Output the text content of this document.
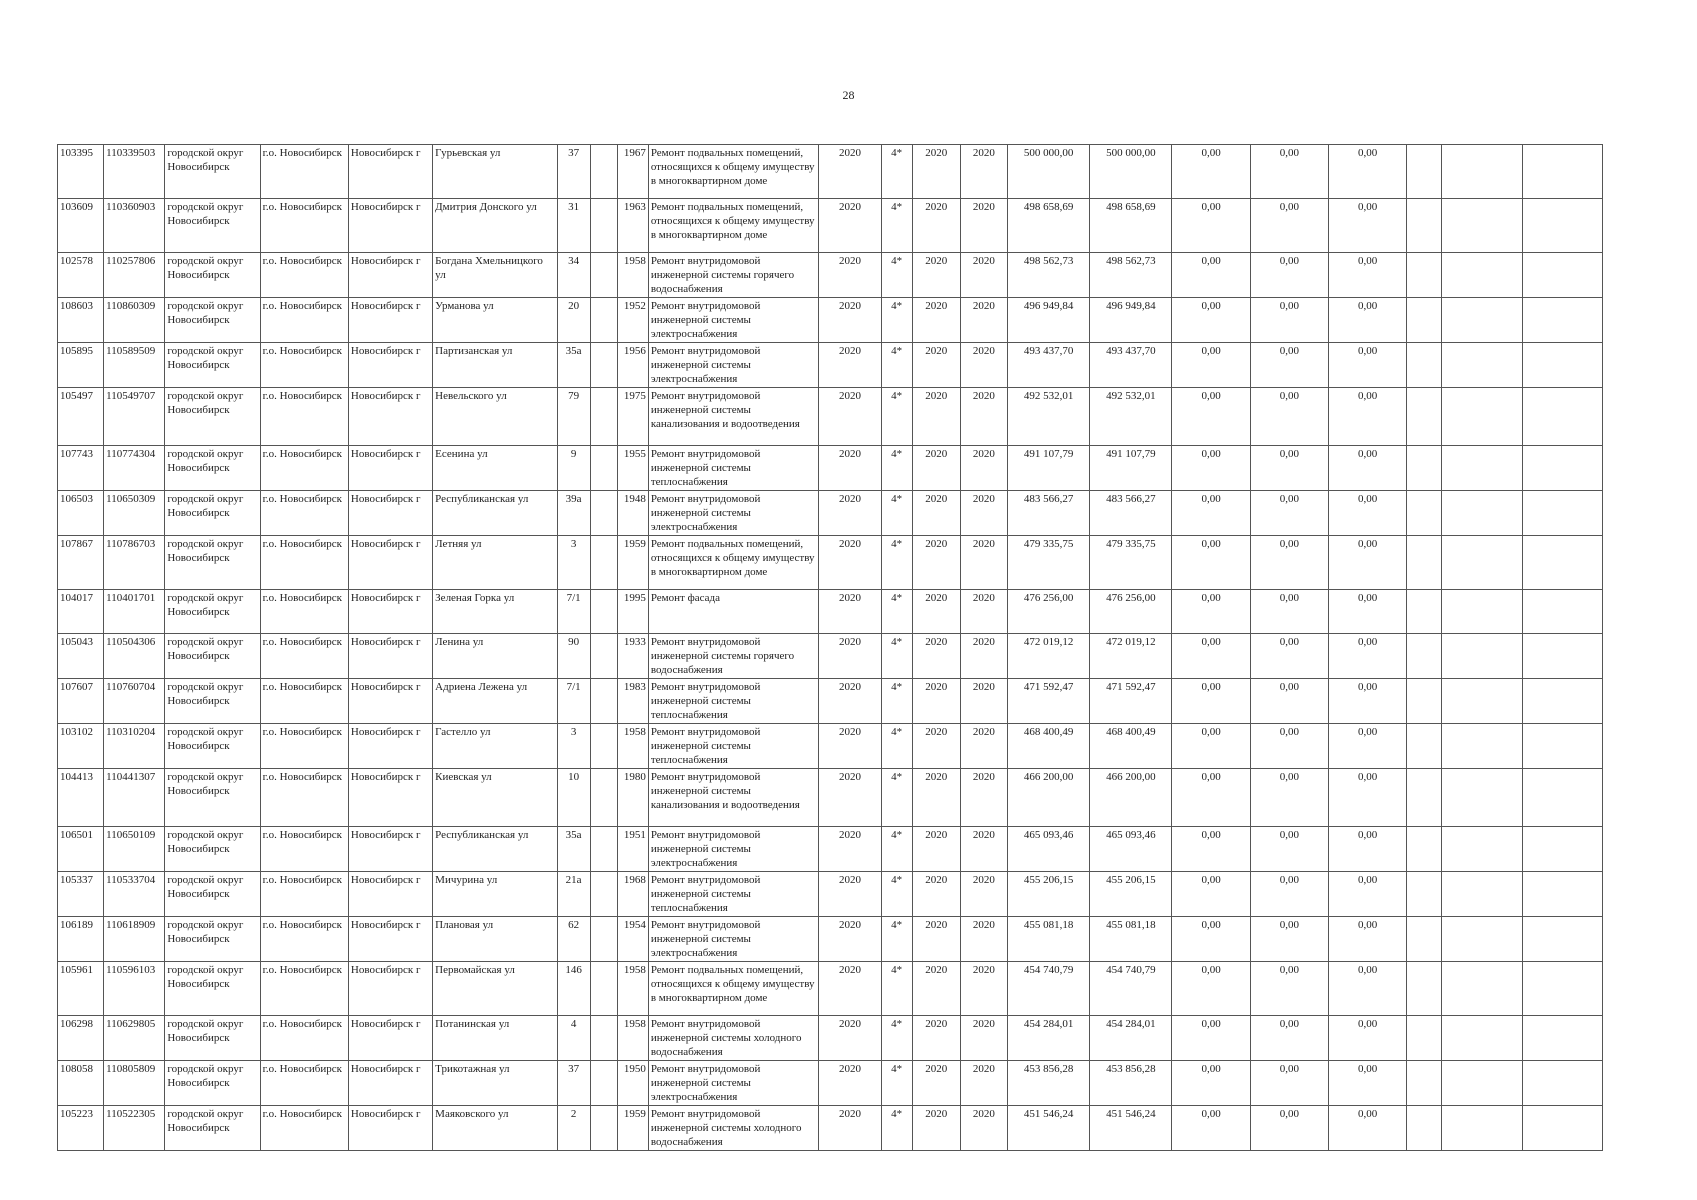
28
103395	110339503	городской округ Новосибирск	г.о. Новосибирск	Новосибирск г	Гурьевская ул	37		1967	Ремонт подвальных помещений, относящихся к общему имуществу в многоквартирном доме	2020	4*	2020	2020	500 000,00	500 000,00	0,00	0,00	0,00			
103609	110360903	городской округ Новосибирск	г.о. Новосибирск	Новосибирск г	Дмитрия Донского ул	31		1963	Ремонт подвальных помещений, относящихся к общему имуществу в многоквартирном доме	2020	4*	2020	2020	498 658,69	498 658,69	0,00	0,00	0,00			
102578	110257806	городской округ Новосибирск	г.о. Новосибирск	Новосибирск г	Богдана Хмельницкого ул	34		1958	Ремонт внутридомовой инженерной системы горячего водоснабжения	2020	4*	2020	2020	498 562,73	498 562,73	0,00	0,00	0,00			
108603	110860309	городской округ Новосибирск	г.о. Новосибирск	Новосибирск г	Урманова ул	20		1952	Ремонт внутридомовой инженерной системы электроснабжения	2020	4*	2020	2020	496 949,84	496 949,84	0,00	0,00	0,00			
105895	110589509	городской округ Новосибирск	г.о. Новосибирск	Новосибирск г	Партизанская ул	35а		1956	Ремонт внутридомовой инженерной системы электроснабжения	2020	4*	2020	2020	493 437,70	493 437,70	0,00	0,00	0,00			
105497	110549707	городской округ Новосибирск	г.о. Новосибирск	Новосибирск г	Невельского ул	79		1975	Ремонт внутридомовой инженерной системы канализования и водоотведения	2020	4*	2020	2020	492 532,01	492 532,01	0,00	0,00	0,00			
107743	110774304	городской округ Новосибирск	г.о. Новосибирск	Новосибирск г	Есенина ул	9		1955	Ремонт внутридомовой инженерной системы теплоснабжения	2020	4*	2020	2020	491 107,79	491 107,79	0,00	0,00	0,00			
106503	110650309	городской округ Новосибирск	г.о. Новосибирск	Новосибирск г	Республиканская ул	39а		1948	Ремонт внутридомовой инженерной системы электроснабжения	2020	4*	2020	2020	483 566,27	483 566,27	0,00	0,00	0,00			
107867	110786703	городской округ Новосибирск	г.о. Новосибирск	Новосибирск г	Летняя ул	3		1959	Ремонт подвальных помещений, относящихся к общему имуществу в многоквартирном доме	2020	4*	2020	2020	479 335,75	479 335,75	0,00	0,00	0,00			
104017	110401701	городской округ Новосибирск	г.о. Новосибирск	Новосибирск г	Зеленая Горка ул	7/1		1995	Ремонт фасада	2020	4*	2020	2020	476 256,00	476 256,00	0,00	0,00	0,00			
105043	110504306	городской округ Новосибирск	г.о. Новосибирск	Новосибирск г	Ленина ул	90		1933	Ремонт внутридомовой инженерной системы горячего водоснабжения	2020	4*	2020	2020	472 019,12	472 019,12	0,00	0,00	0,00			
107607	110760704	городской округ Новосибирск	г.о. Новосибирск	Новосибирск г	Адриена Лежена ул	7/1		1983	Ремонт внутридомовой инженерной системы теплоснабжения	2020	4*	2020	2020	471 592,47	471 592,47	0,00	0,00	0,00			
103102	110310204	городской округ Новосибирск	г.о. Новосибирск	Новосибирск г	Гастелло ул	3		1958	Ремонт внутридомовой инженерной системы теплоснабжения	2020	4*	2020	2020	468 400,49	468 400,49	0,00	0,00	0,00			
104413	110441307	городской округ Новосибирск	г.о. Новосибирск	Новосибирск г	Киевская ул	10		1980	Ремонт внутридомовой инженерной системы канализования и водоотведения	2020	4*	2020	2020	466 200,00	466 200,00	0,00	0,00	0,00			
106501	110650109	городской округ Новосибирск	г.о. Новосибирск	Новосибирск г	Республиканская ул	35а		1951	Ремонт внутридомовой инженерной системы электроснабжения	2020	4*	2020	2020	465 093,46	465 093,46	0,00	0,00	0,00			
105337	110533704	городской округ Новосибирск	г.о. Новосибирск	Новосибирск г	Мичурина ул	21а		1968	Ремонт внутридомовой инженерной системы теплоснабжения	2020	4*	2020	2020	455 206,15	455 206,15	0,00	0,00	0,00			
106189	110618909	городской округ Новосибирск	г.о. Новосибирск	Новосибирск г	Плановая ул	62		1954	Ремонт внутридомовой инженерной системы электроснабжения	2020	4*	2020	2020	455 081,18	455 081,18	0,00	0,00	0,00			
105961	110596103	городской округ Новосибирск	г.о. Новосибирск	Новосибирск г	Первомайская ул	146		1958	Ремонт подвальных помещений, относящихся к общему имуществу в многоквартирном доме	2020	4*	2020	2020	454 740,79	454 740,79	0,00	0,00	0,00			
106298	110629805	городской округ Новосибирск	г.о. Новосибирск	Новосибирск г	Потанинская ул	4		1958	Ремонт внутридомовой инженерной системы холодного водоснабжения	2020	4*	2020	2020	454 284,01	454 284,01	0,00	0,00	0,00			
108058	110805809	городской округ Новосибирск	г.о. Новосибирск	Новосибирск г	Трикотажная ул	37		1950	Ремонт внутридомовой инженерной системы электроснабжения	2020	4*	2020	2020	453 856,28	453 856,28	0,00	0,00	0,00			
105223	110522305	городской округ Новосибирск	г.о. Новосибирск	Новосибирск г	Маяковского ул	2		1959	Ремонт внутридомовой инженерной системы холодного водоснабжения	2020	4*	2020	2020	451 546,24	451 546,24	0,00	0,00	0,00			
